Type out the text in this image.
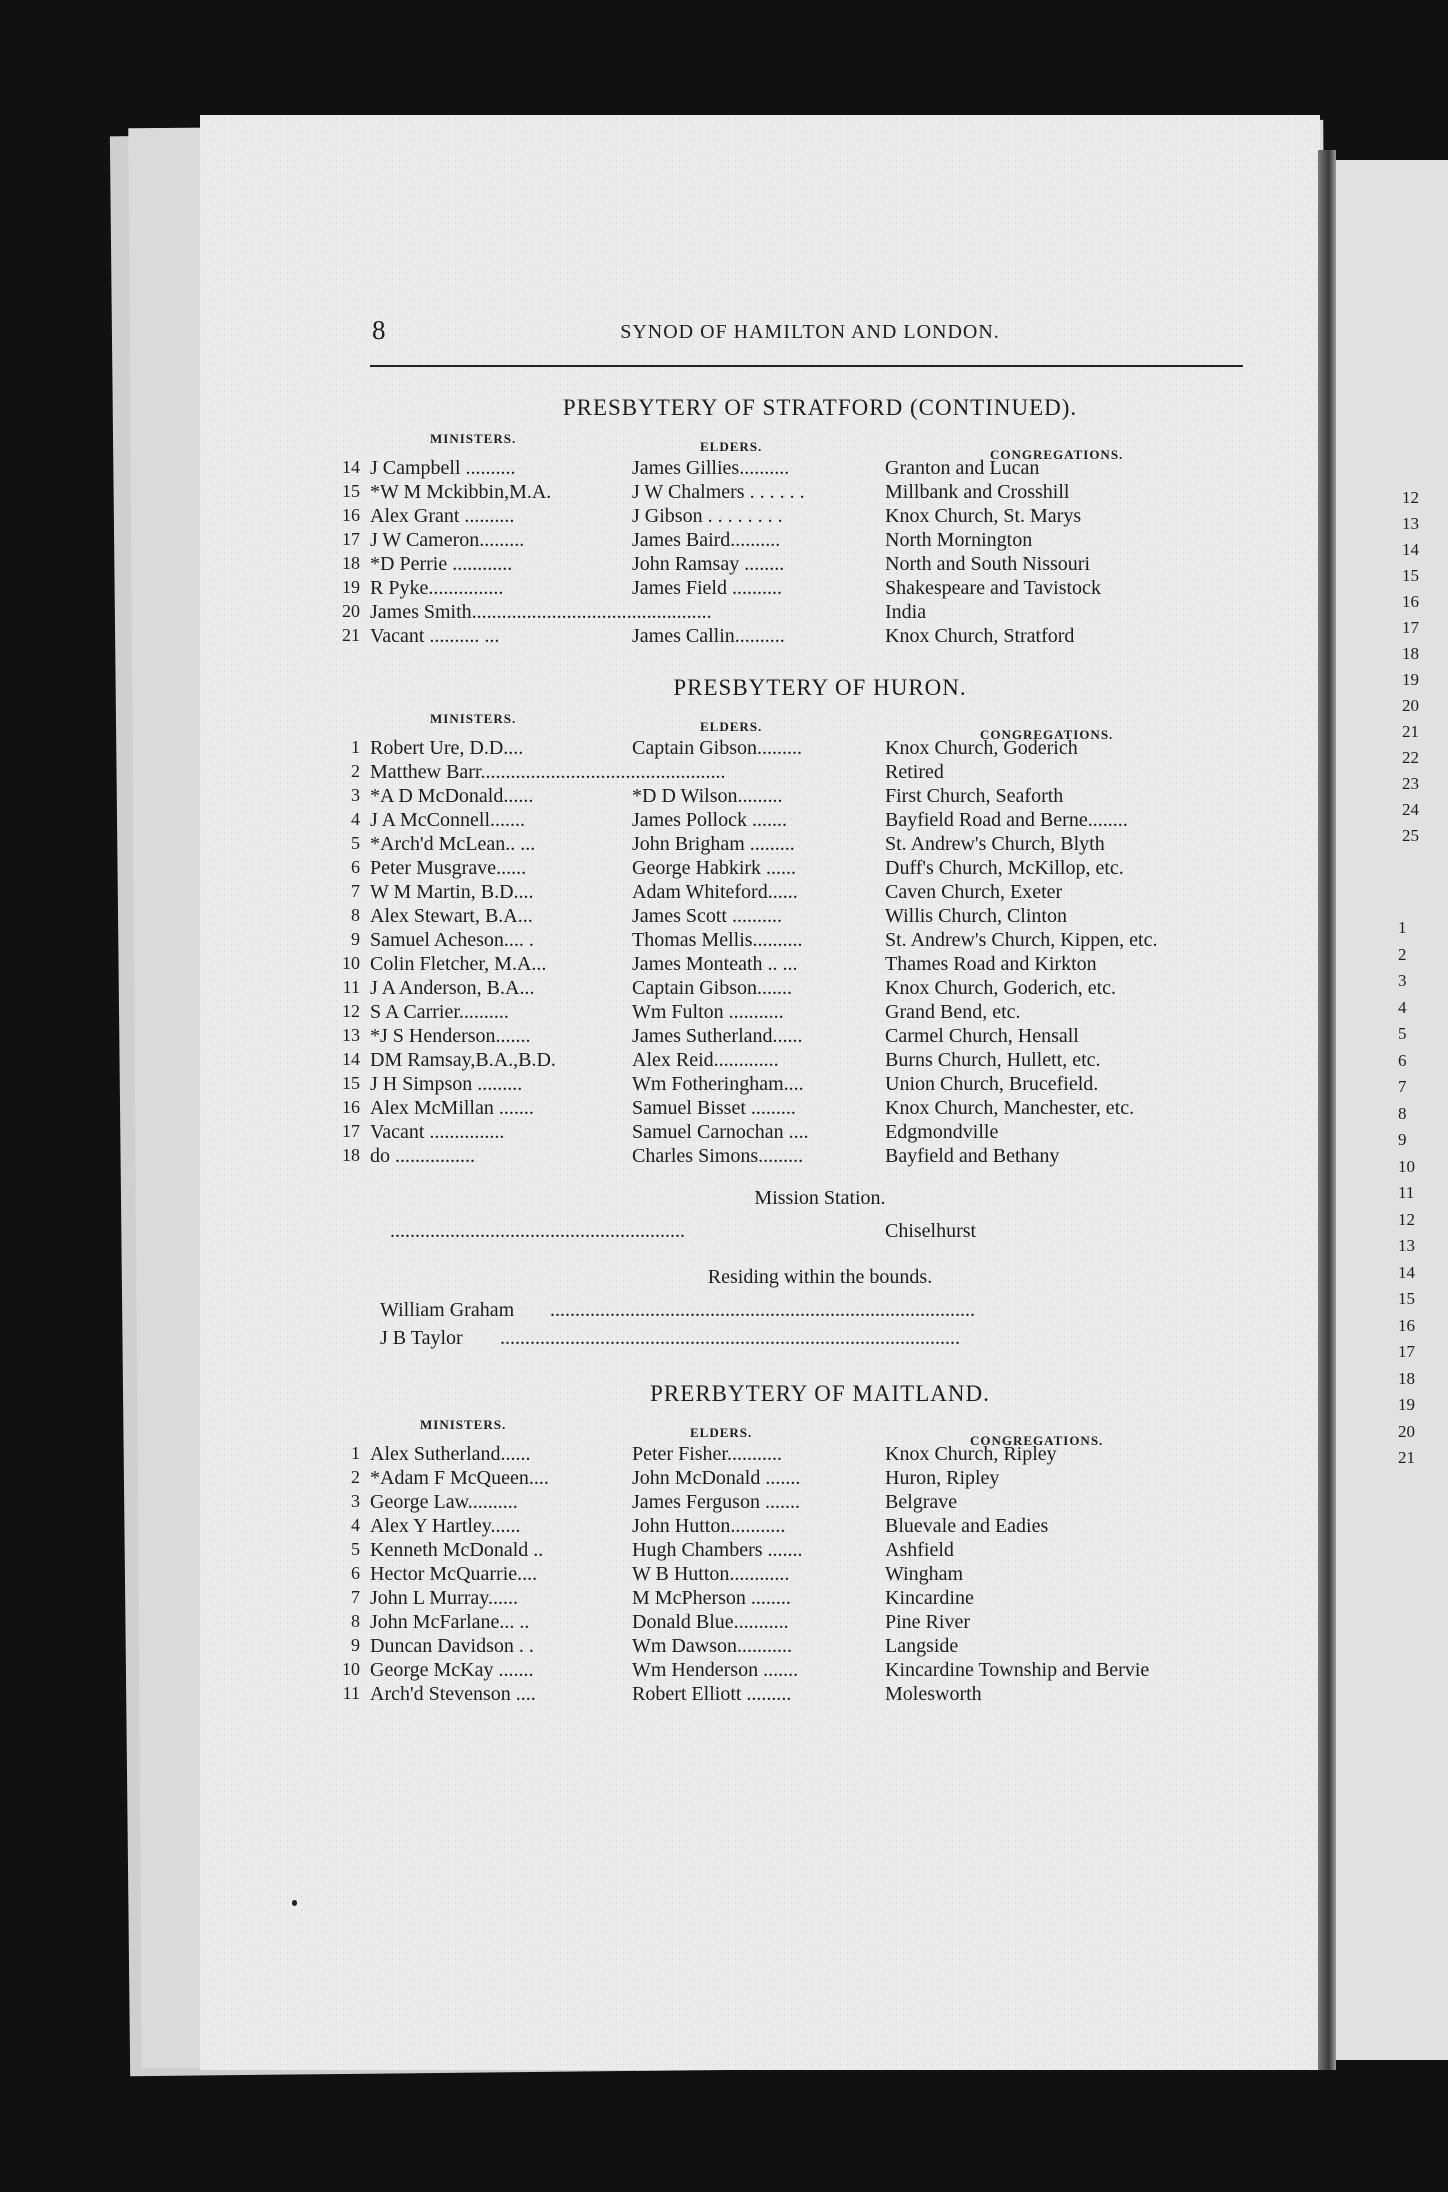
8	SYNOD OF HAMILTON AND LONDON.
PRESBYTERY OF STRATFORD (CONTINUED).
MINISTERS.
ELDERS.
CONGREGATIONS.
14 J Campbell ..........	James Gillies..........	Granton and Lucan
15 *W M Mckibbin,M.A.	J W Chalmers . . . . . .	Millbank and Crosshill
16 Alex Grant ..........	J Gibson . . . . . . . .	Knox Church, St. Marys
17 J W Cameron.........	James Baird..........	North Mornington
18 *D Perrie ............	John Ramsay ........	North and South Nissouri
19 R Pyke...............	James Field ..........	Shakespeare and Tavistock
20 James Smith................................................	India
21 Vacant .......... ...	James Callin..........	Knox Church, Stratford
PRESBYTERY OF HURON.
MINISTERS.
ELDERS.
CONGREGATIONS.
1 Robert Ure, D.D....	Captain Gibson.........	Knox Church, Goderich
2 Matthew Barr.................................................	Retired
3 *A D McDonald......	*D D Wilson.........	First Church, Seaforth
4 J A McConnell.......	James Pollock .......	Bayfield Road and Berne........
5 *Arch'd McLean.. ...	John Brigham .........	St. Andrew's Church, Blyth
6 Peter Musgrave......	George Habkirk ......	Duff's Church, McKillop, etc.
7 W M Martin, B.D....	Adam Whiteford......	Caven Church, Exeter
8 Alex Stewart, B.A...	James Scott ..........	Willis Church, Clinton
9 Samuel Acheson.... .	Thomas Mellis..........	St. Andrew's Church, Kippen, etc.
10 Colin Fletcher, M.A...	James Monteath .. ...	Thames Road and Kirkton
11 J A Anderson, B.A...	Captain Gibson.......	Knox Church, Goderich, etc.
12 S A Carrier..........	Wm Fulton ...........	Grand Bend, etc.
13 *J S Henderson.......	James Sutherland......	Carmel Church, Hensall
14 DM Ramsay,B.A.,B.D.	Alex Reid.............	Burns Church, Hullett, etc.
15 J H Simpson .........	Wm Fotheringham....	Union Church, Brucefield.
16 Alex McMillan .......	Samuel Bisset .........	Knox Church, Manchester, etc.
17 Vacant ...............	Samuel Carnochan ....	Edgmondville
18 do ................	Charles Simons.........	Bayfield and Bethany
Mission Station.
...........................................................	Chiselhurst
Residing within the bounds.
William Graham .....................................................................................
J B Taylor ............................................................................................
PRERBYTERY OF MAITLAND.
MINISTERS.
ELDERS.
CONGREGATIONS.
1 Alex Sutherland......	Peter Fisher...........	Knox Church, Ripley
2 *Adam F McQueen....	John McDonald .......	Huron, Ripley
3 George Law..........	James Ferguson .......	Belgrave
4 Alex Y Hartley......	John Hutton...........	Bluevale and Eadies
5 Kenneth McDonald ..	Hugh Chambers .......	Ashfield
6 Hector McQuarrie....	W B Hutton............	Wingham
7 John L Murray......	M McPherson ........	Kincardine
8 John McFarlane... ..	Donald Blue...........	Pine River
9 Duncan Davidson . .	Wm Dawson...........	Langside
10 George McKay .......	Wm Henderson .......	Kincardine Township and Bervie
11 Arch'd Stevenson ....	Robert Elliott .........	Molesworth
12
13
14
15
16
17
18
19
20
21
22
23
24
25
1
2
3
4
5
6
7
8
9
10
11
12
13
14
15
16
17
18
19
20
21
